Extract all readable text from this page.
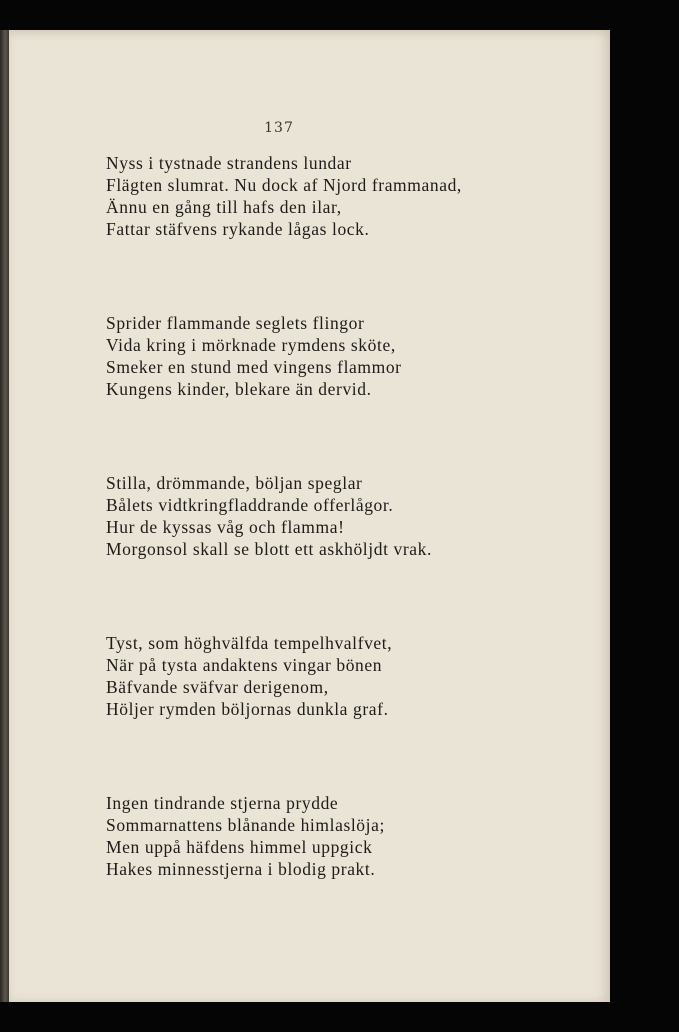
137
Nyss i tystnade strandens lundar
Flägten slumrat. Nu dock af Njord frammanad,
Ännu en gång till hafs den ilar,
Fattar stäfvens rykande lågas lock.
Sprider flammande seglets flingor
Vida kring i mörknade rymdens sköte,
Smeker en stund med vingens flammor
Kungens kinder, blekare än dervid.
Stilla, drömmande, böljan speglar
Bålets vidtkringfladdrande offerlågor.
Hur de kyssas våg och flamma!
Morgonsol skall se blott ett askhöljdt vrak.
Tyst, som höghvälfda tempelhvalfvet,
När på tysta andaktens vingar bönen
Bäfvande sväfvar derigenom,
Höljer rymden böljornas dunkla graf.
Ingen tindrande stjerna prydde
Sommarnattens blånande himlaslöja;
Men uppå häfdens himmel uppgick
Hakes minnesstjerna i blodig prakt.
